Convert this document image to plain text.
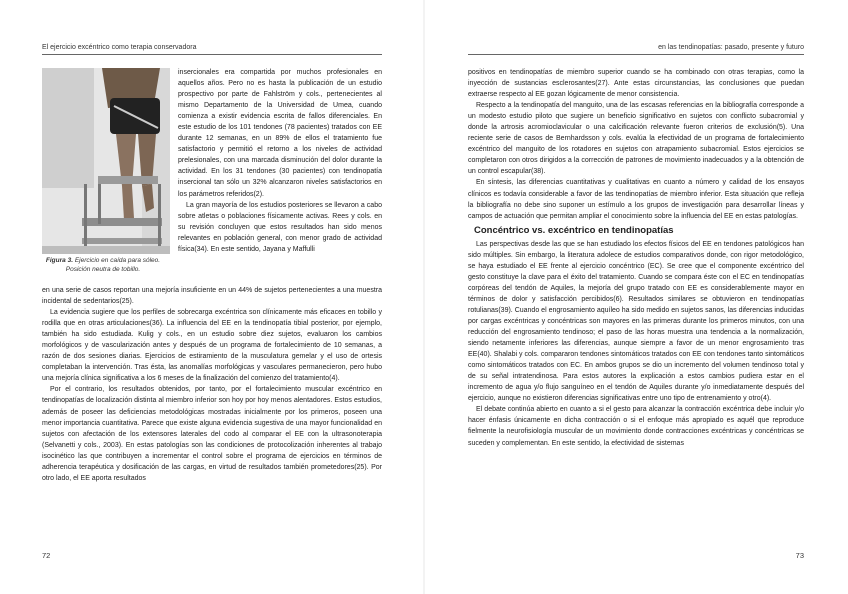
El ejercicio excéntrico como terapia conservadora
Figura 3. Ejercicio en caída para sóleo. Posición neutra de tobillo.

insercionales era compartida por muchos profesionales en aquellos años. Pero no es hasta la publicación de un estudio prospectivo por parte de Fahlström y cols., pertenecientes al mismo Departamento de la Universidad de Umea, cuando comienza a existir evidencia escrita de fallos diferenciales. En este estudio de los 101 tendones (78 pacientes) tratados con EE durante 12 semanas, en un 89% de ellos el tratamiento fue satisfactorio y permitió el retorno a los niveles de actividad prelesionales, con una marcada disminución del dolor durante la actividad. En los 31 tendones (30 pacientes) con tendinopatía insercional tan sólo un 32% alcanzaron niveles satisfactorios en los parámetros referidos(2).

La gran mayoría de los estudios posteriores se llevaron a cabo sobre atletas o poblaciones físicamente activas. Rees y cols. en su revisión concluyen que estos resultados han sido menos relevantes en población general, con menor grado de actividad física(34). En este sentido, Jayana y Maffulli

en una serie de casos reportan una mejoría insuficiente en un 44% de sujetos pertenecientes a una muestra incidental de sedentarios(25).

La evidencia sugiere que los perfiles de sobrecarga excéntrica son clínicamente más eficaces en tobillo y rodilla que en otras articulaciones(36). La influencia del EE en la tendinopatía tibial posterior, por ejemplo, también ha sido estudiada. Kulig y cols., en un estudio sobre diez sujetos, evaluaron los cambios morfológicos y de vascularización antes y después de un programa de fortalecimiento de 10 semanas, a razón de dos sesiones diarias. Ejercicios de estiramiento de la musculatura gemelar y el uso de ortesis completaban la intervención. Tras ésta, las anomalías morfológicas y vasculares permanecieron, pero hubo una mejoría clínica significativa a los 6 meses de la finalización del comienzo del tratamiento(4).

Por el contrario, los resultados obtenidos, por tanto, por el fortalecimiento muscular excéntrico en tendinopatías de localización distinta al miembro inferior son hoy por hoy menos alentadores. Estos estudios, además de poseer las deficiencias metodológicas mostradas inicialmente por los primeros, poseen una menor importancia cuantitativa. Parece que existe alguna evidencia sugestiva de una mayor funcionalidad en sujetos con afectación de los extensores laterales del codo al comparar el EE con la ultrasonoterapia (Selvanetti y cols., 2003). En estas patologías son las condiciones de protocolización inherentes al trabajo isocinético las que contribuyen a incrementar el control sobre el programa de ejercicios en términos de adherencia terapéutica y dosificación de las cargas, en virtud de resultados también prometedores(25). Por otro lado, el EE aporta resultados

72
en las tendinopatías: pasado, presente y futuro

positivos en tendinopatías de miembro superior cuando se ha combinado con otras terapias, como la inyección de sustancias esclerosantes(27). Ante estas circunstancias, las conclusiones que puedan extraerse respecto al EE gozan lógicamente de menor consistencia.

Respecto a la tendinopatía del manguito, una de las escasas referencias en la bibliografía corresponde a un modesto estudio piloto que sugiere un beneficio significativo en sujetos con conflicto subacromial y donde la artrosis acromioclavicular o una calcificación relevante fueron criterios de exclusión(5). Una reciente serie de casos de Bernhardsson y cols. evalúa la efectividad de un programa de fortalecimiento excéntrico del manguito de los rotadores en sujetos con atrapamiento subacromial. Estos ejercicios se completaron con otros dirigidos a la corrección de patrones de movimiento inadecuados y a la obtención de un control escapular(38).

En síntesis, las diferencias cuantitativas y cualitativas en cuanto a número y calidad de los ensayos clínicos es todavía considerable a favor de las tendinopatías de miembro inferior. Esta situación que refleja la bibliografía no debe sino suponer un estímulo a los grupos de investigación para desarrollar líneas y campos de actuación que permitan ampliar el conocimiento sobre la influencia del EE en estas patologías.

Concéntrico vs. excéntrico en tendinopatías

Las perspectivas desde las que se han estudiado los efectos físicos del EE en tendones patológicos han sido múltiples. Sin embargo, la literatura adolece de estudios comparativos donde, con rigor metodológico, se haya estudiado el EE frente al ejercicio concéntrico (EC). Se cree que el componente excéntrico del gesto constituye la clave para el éxito del tratamiento. Cuando se compara éste con el EC en tendinopatías corpóreas del tendón de Aquiles, la mejoría del grupo tratado con EE es considerablemente mayor en términos de dolor y satisfacción percibidos(6). Resultados similares se obtuvieron en tendinopatías rotulianas(39). Cuando el engrosamiento aquíleo ha sido medido en sujetos sanos, las diferencias inducidas por cargas excéntricas y concéntricas son mayores en las primeras durante los primeros minutos, con una reducción del engrosamiento tendinoso; el paso de las horas muestra una tendencia a la normalización, siendo netamente inferiores las diferencias, aunque siempre a favor de un menor engrosamiento tras EE(40). Shalabi y cols. compararon tendones sintomáticos tratados con EE con tendones tanto sintomáticos como sintomáticos tratados con EC. En ambos grupos se dio un incremento del volumen tendinoso total y de su señal intratendinosa. Para estos autores la explicación a estos cambios pudiera estar en el incremento de agua y/o flujo sanguíneo en el tendón de Aquiles durante y/o inmediatamente después del ejercicio, aunque no existieron diferencias significativas entre uno tipo de entrenamiento y otro(4).

El debate continúa abierto en cuanto a si el gesto para alcanzar la contracción excéntrica debe incluir y/o hacer énfasis únicamente en dicha contracción o si el enfoque más apropiado es aquél que reproduce fielmente la neurofisiología muscular de un movimiento donde contracciones excéntricas y concéntricas se suceden y complementan. En este sentido, la efectividad de sistemas

73
